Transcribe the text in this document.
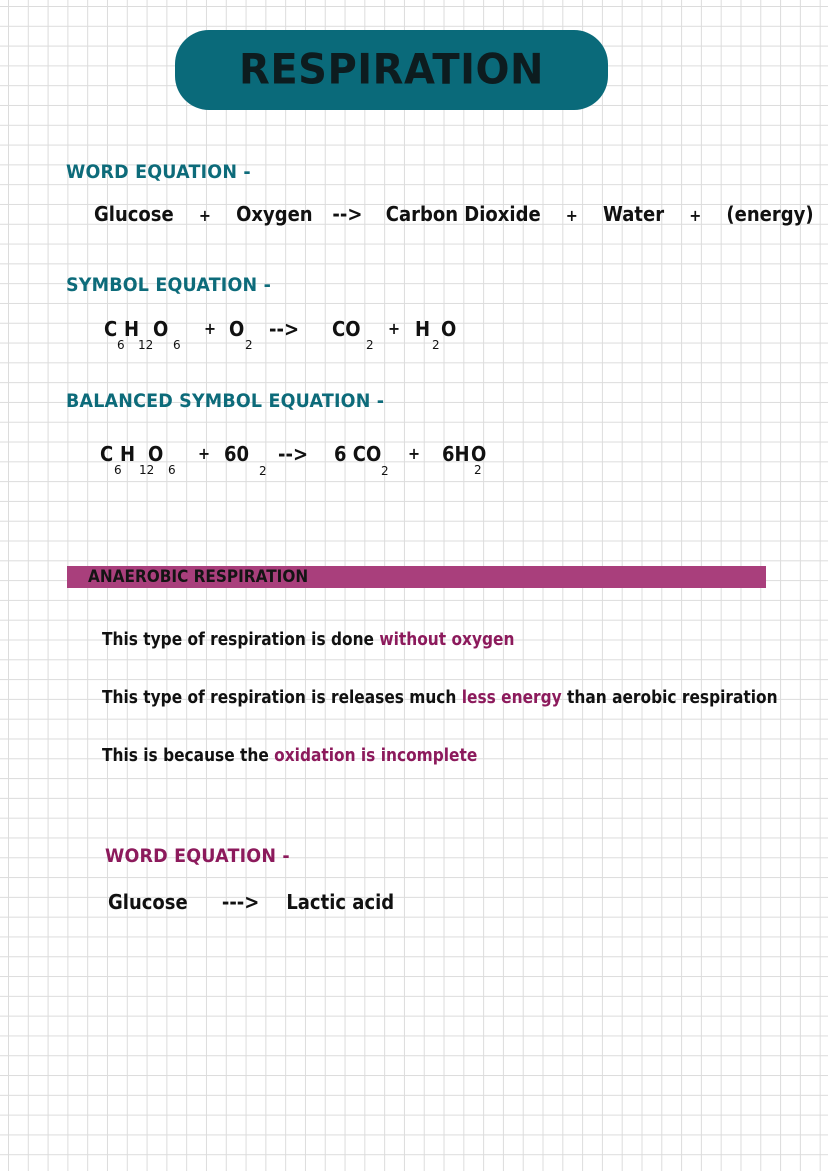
RESPIRATION
WORD EQUATION -
Glucose + Oxygen --> Carbon Dioxide + Water + (energy)
SYMBOL EQUATION -
C H O
6 12 6
+ O
2
--> CO
2
+ H
2
O
BALANCED SYMBOL EQUATION -
C H O
6 12 6
+ 60
2
--> 6 CO
2
+ 6H O
2
ANAEROBIC RESPIRATION
This type of respiration is done without oxygen
This type of respiration is releases much less energy than aerobic respiration
This is because the oxidation is incomplete
WORD EQUATION -
Glucose ---> Lactic acid
